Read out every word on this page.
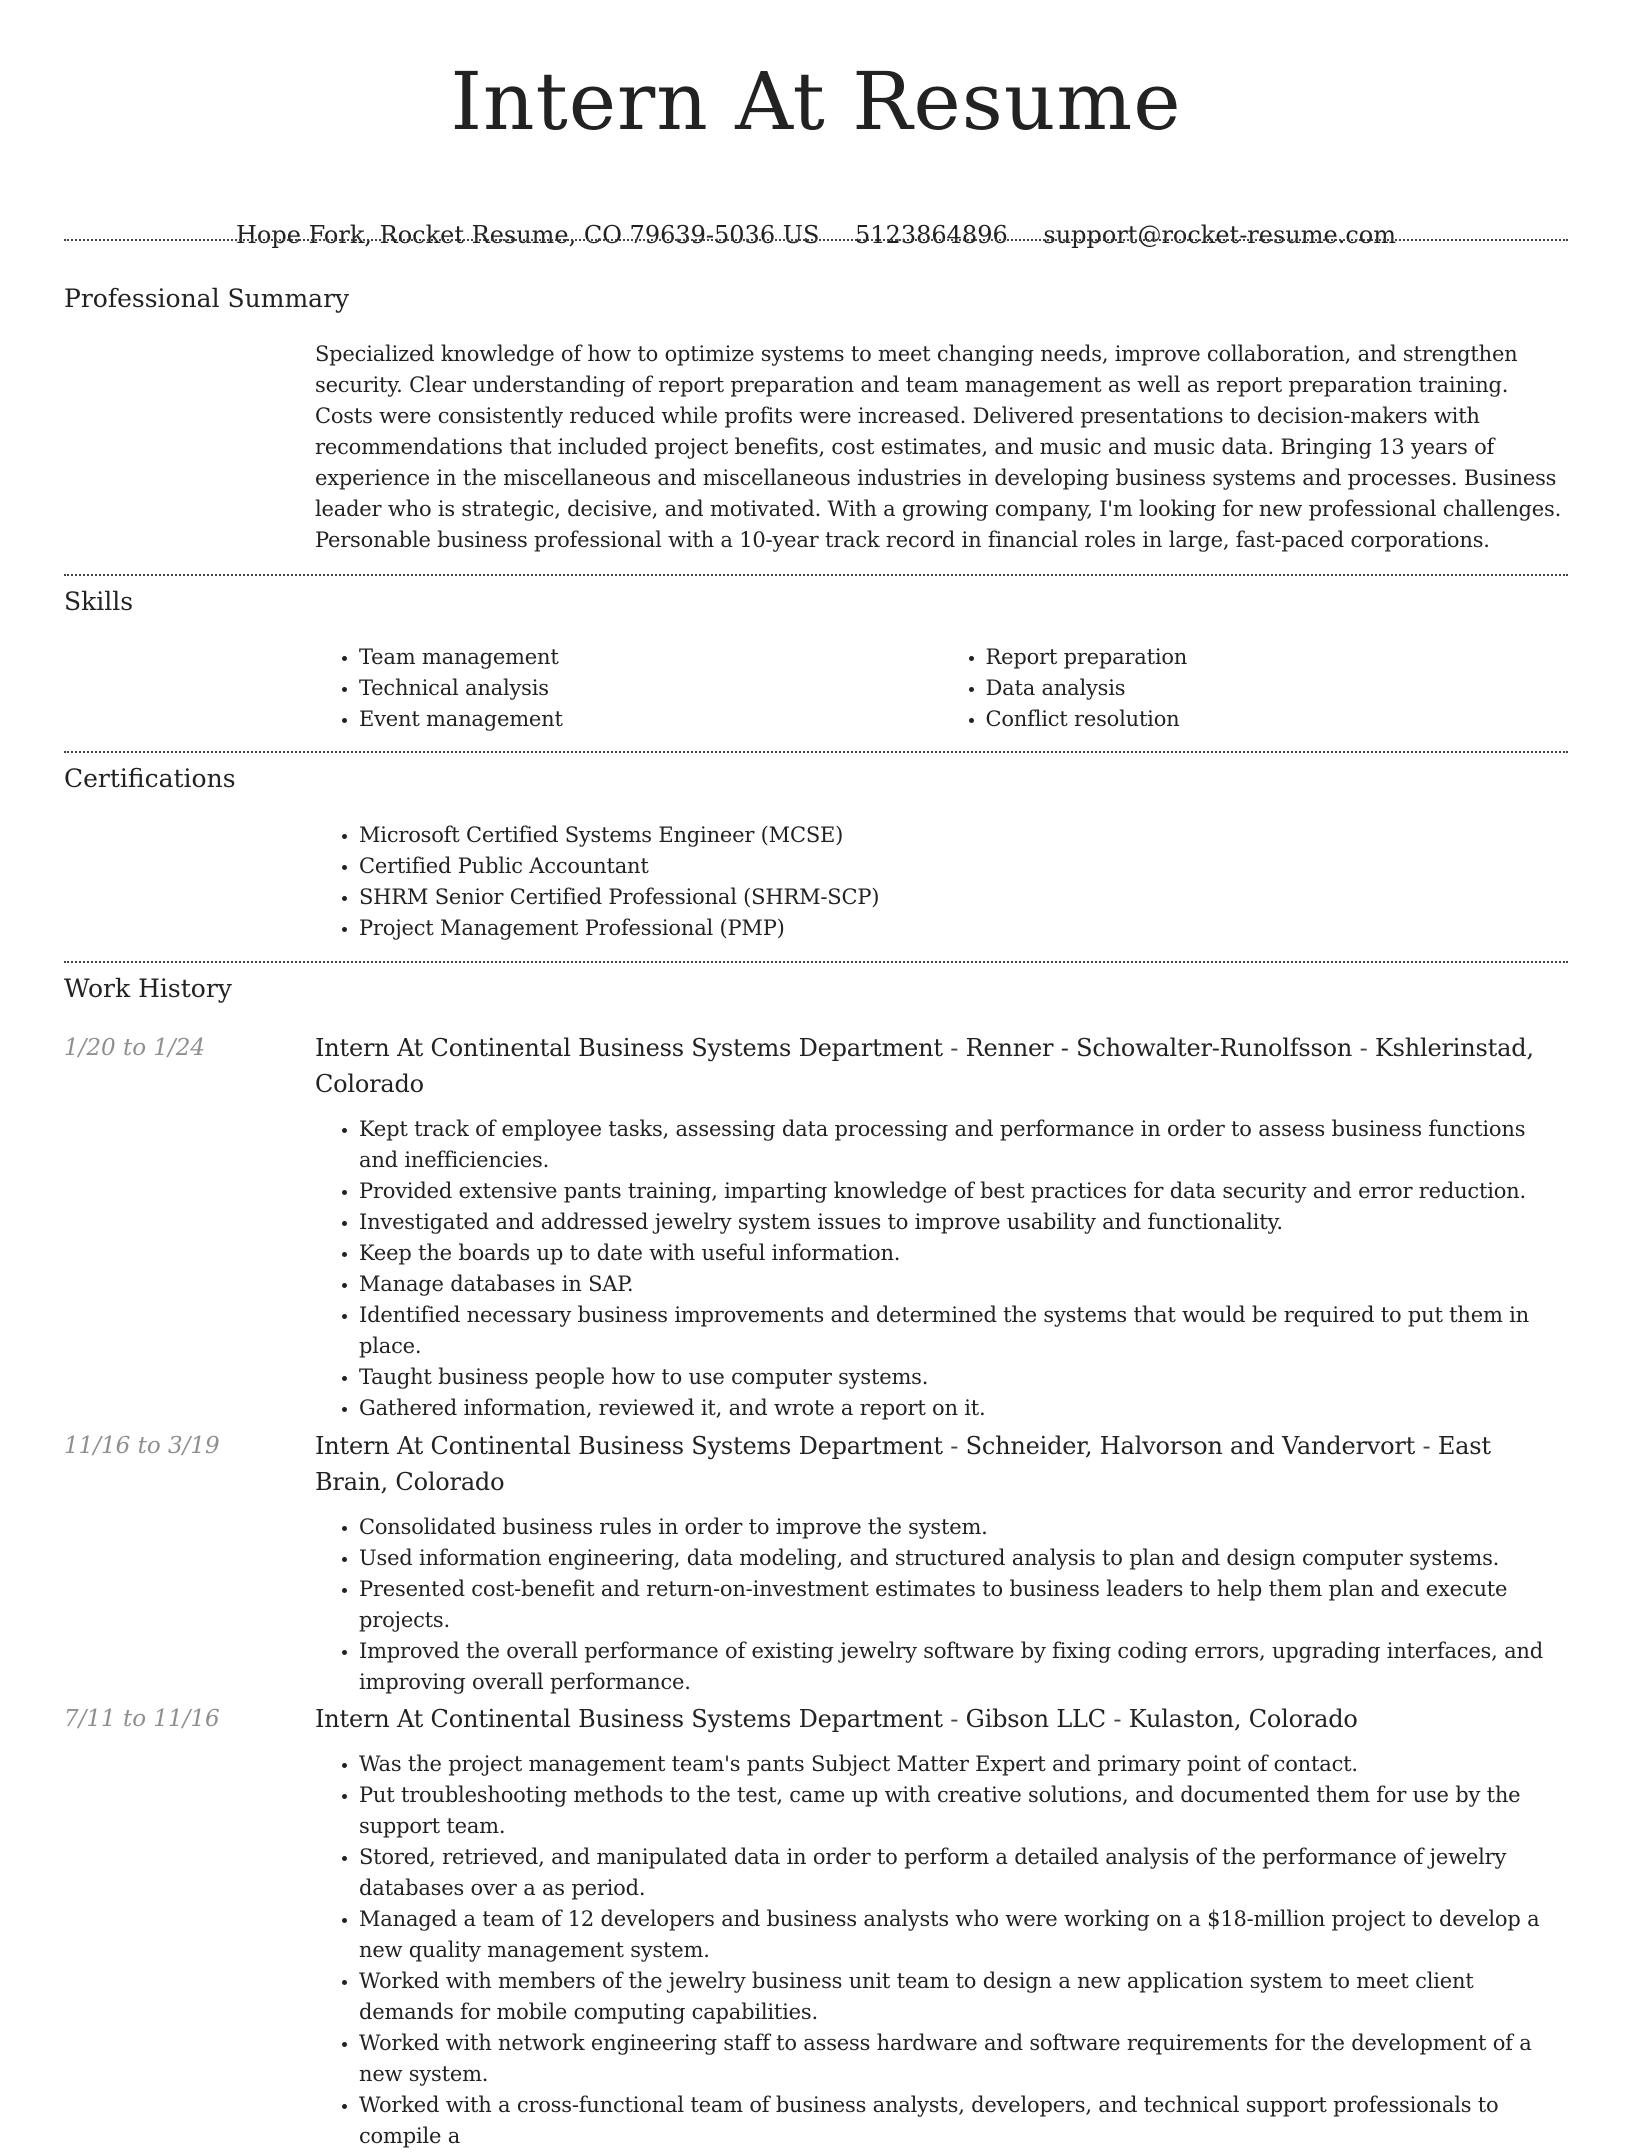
Intern At Resume
Hope Fork, Rocket Resume, CO 79639-5036 US 5123864896 support@rocket-resume.com
Professional Summary

Specialized knowledge of how to optimize systems to meet changing needs, improve collaboration, and strengthen security. Clear understanding of report preparation and team management as well as report preparation training. Costs were consistently reduced while profits were increased. Delivered presentations to decision-makers with recommendations that included project benefits, cost estimates, and music and music data. Bringing 13 years of experience in the miscellaneous and miscellaneous industries in developing business systems and processes. Business leader who is strategic, decisive, and motivated. With a growing company, I'm looking for new professional challenges. Personable business professional with a 10-year track record in financial roles in large, fast-paced corporations.

Skills
• Team management
• Technical analysis
• Event management
• Report preparation
• Data analysis
• Conflict resolution
Certifications
• Microsoft Certified Systems Engineer (MCSE)
• Certified Public Accountant
• SHRM Senior Certified Professional (SHRM-SCP)
• Project Management Professional (PMP)
Work History
1/20 to 1/24	Intern At Continental Business Systems Department - Renner - Schowalter-Runolfsson - Kshlerinstad, Colorado
• Kept track of employee tasks, assessing data processing and performance in order to assess business functions and inefficiencies.
• Provided extensive pants training, imparting knowledge of best practices for data security and error reduction.
• Investigated and addressed jewelry system issues to improve usability and functionality.
• Keep the boards up to date with useful information.
• Manage databases in SAP.
• Identified necessary business improvements and determined the systems that would be required to put them in place.
• Taught business people how to use computer systems.
• Gathered information, reviewed it, and wrote a report on it.
11/16 to 3/19	Intern At Continental Business Systems Department - Schneider, Halvorson and Vandervort - East Brain, Colorado
• Consolidated business rules in order to improve the system.
• Used information engineering, data modeling, and structured analysis to plan and design computer systems.
• Presented cost-benefit and return-on-investment estimates to business leaders to help them plan and execute projects.
• Improved the overall performance of existing jewelry software by fixing coding errors, upgrading interfaces, and improving overall performance.
7/11 to 11/16	Intern At Continental Business Systems Department - Gibson LLC - Kulaston, Colorado
• Was the project management team's pants Subject Matter Expert and primary point of contact.
• Put troubleshooting methods to the test, came up with creative solutions, and documented them for use by the support team.
• Stored, retrieved, and manipulated data in order to perform a detailed analysis of the performance of jewelry databases over a as period.
• Managed a team of 12 developers and business analysts who were working on a $18-million project to develop a new quality management system.
• Worked with members of the jewelry business unit team to design a new application system to meet client demands for mobile computing capabilities.
• Worked with network engineering staff to assess hardware and software requirements for the development of a new system.
• Worked with a cross-functional team of business analysts, developers, and technical support professionals to compile a
